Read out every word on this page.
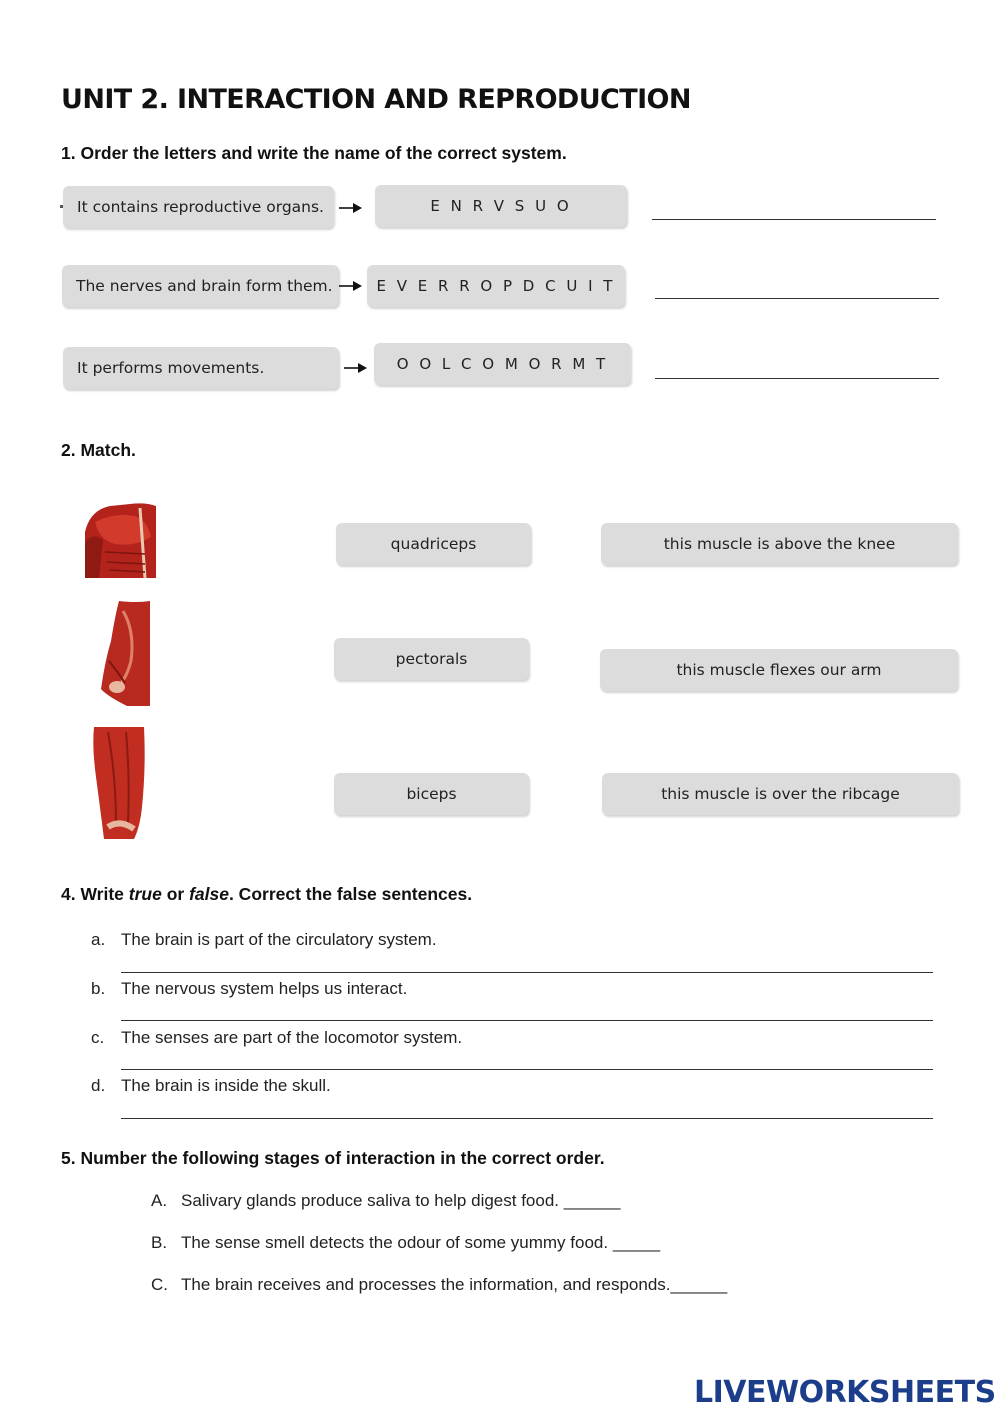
UNIT 2. INTERACTION AND REPRODUCTION
1. Order the letters and write the name of the correct system.
It contains reproductive organs.	E N R V S U O
The nerves and brain form them.	E V E R R O P D C U I T
It performs movements.	O O L C O M O R M T
2. Match.
quadriceps
pectorals
biceps
this muscle is above the knee
this muscle flexes our arm
this muscle is over the ribcage
4. Write true or false. Correct the false sentences.
a. The brain is part of the circulatory system.
b. The nervous system helps us interact.
c. The senses are part of the locomotor system.
d. The brain is inside the skull.
5. Number the following stages of interaction in the correct order.
A. Salivary glands produce saliva to help digest food. ______
B. The sense smell detects the odour of some yummy food. _____
C. The brain receives and processes the information, and responds.______
LIVEWORKSHEETS
